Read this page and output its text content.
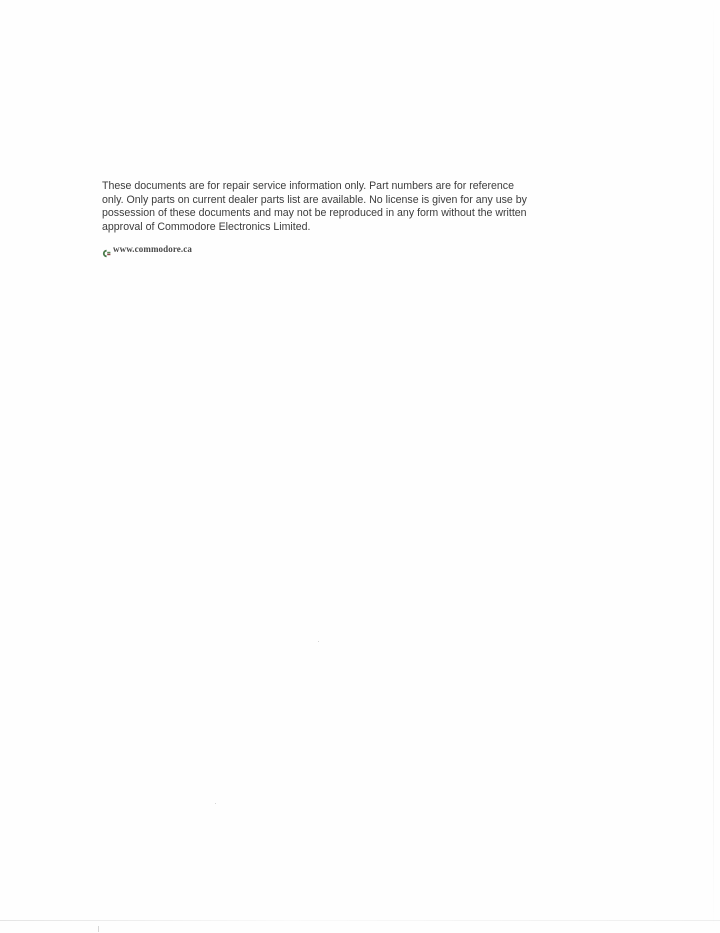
These documents are for repair service information only. Part numbers are for reference
only. Only parts on current dealer parts list are available. No license is given for any use by
possession of these documents and may not be reproduced in any form without the written
approval of Commodore Electronics Limited.

www.commodore.ca
